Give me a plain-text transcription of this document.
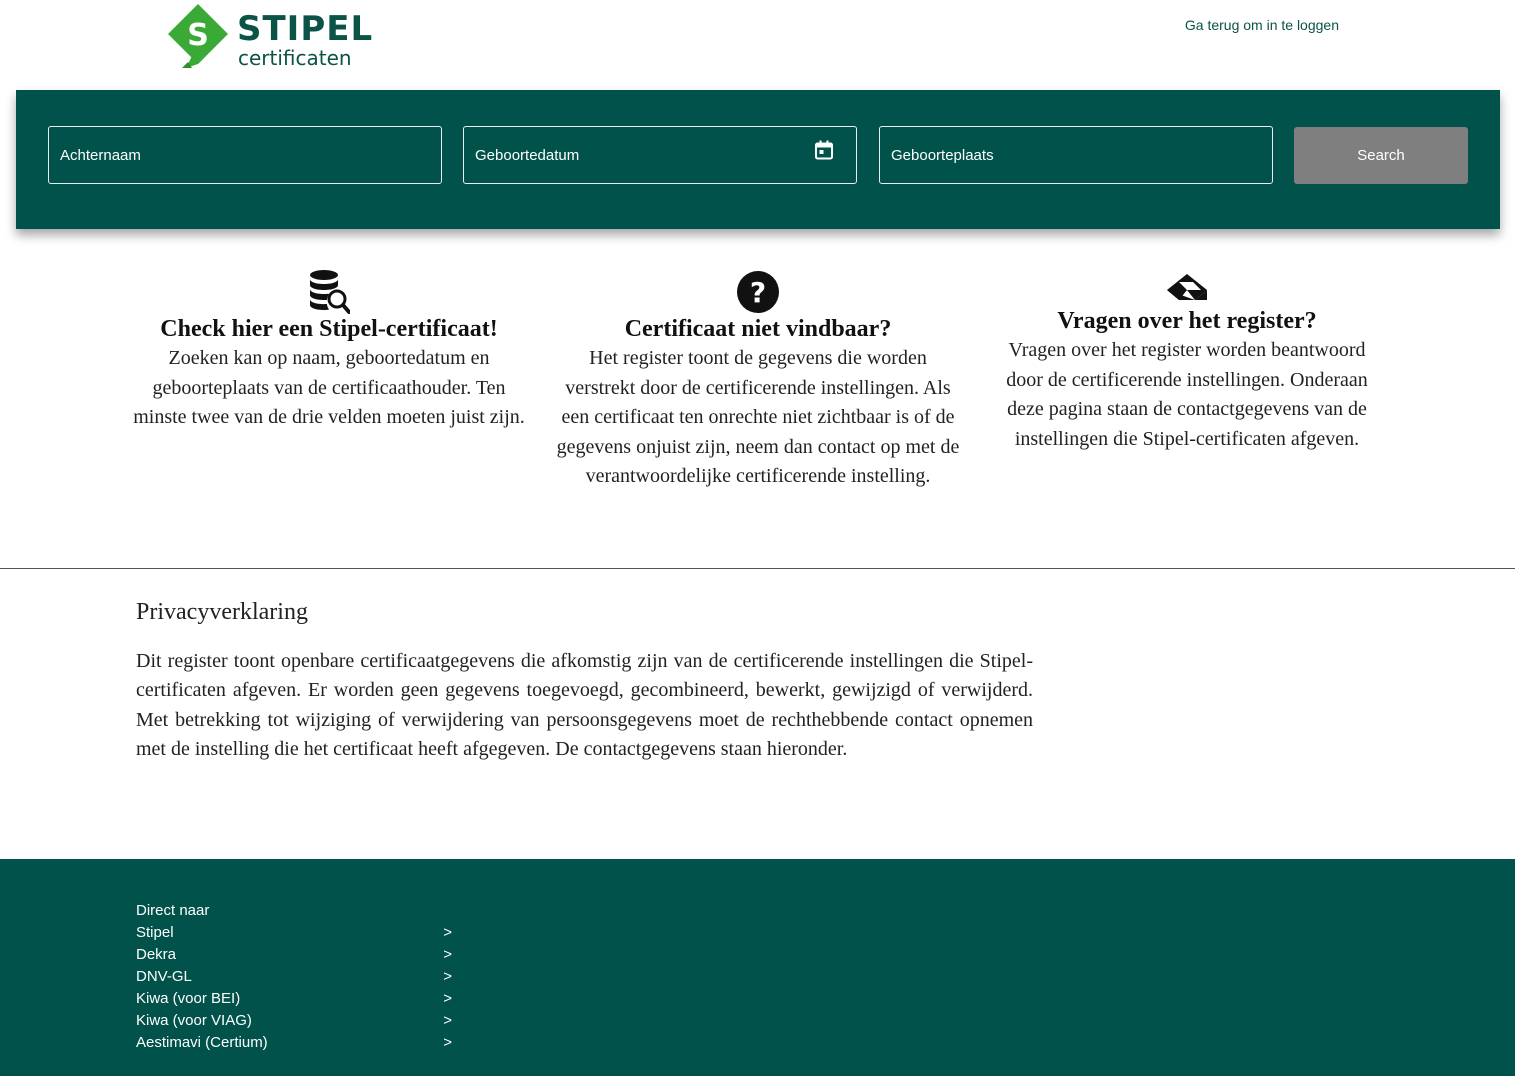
S STIPEL
certificaten
Ga terug om in te loggen
Achternaam
Geboortedatum
Geboorteplaats
Search
Check hier een Stipel-certificaat!

Zoeken kan op naam, geboortedatum en geboorteplaats van de certificaathouder. Ten minste twee van de drie velden moeten juist zijn.

?
Certificaat niet vindbaar?

Het register toont de gegevens die worden verstrekt door de certificerende instellingen. Als een certificaat ten onrechte niet zichtbaar is of de gegevens onjuist zijn, neem dan contact op met de verantwoordelijke certificerende instelling.

Vragen over het register?

Vragen over het register worden beantwoord door de certificerende instellingen. Onderaan deze pagina staan de contactgegevens van de instellingen die Stipel-certificaten afgeven.

Privacyverklaring

Dit register toont openbare certificaatgegevens die afkomstig zijn van de certificerende instellingen die Stipel-certificaten afgeven. Er worden geen gegevens toegevoegd, gecombineerd, bewerkt, gewijzigd of verwijderd. Met betrekking tot wijziging of verwijdering van persoonsgegevens moet de rechthebbende contact opnemen met de instelling die het certificaat heeft afgegeven. De contactgegevens staan hieronder.

Direct naar
Stipel	>
Dekra	>
DNV-GL	>
Kiwa (voor BEI)	>
Kiwa (voor VIAG)	>
Aestimavi (Certium)	>
